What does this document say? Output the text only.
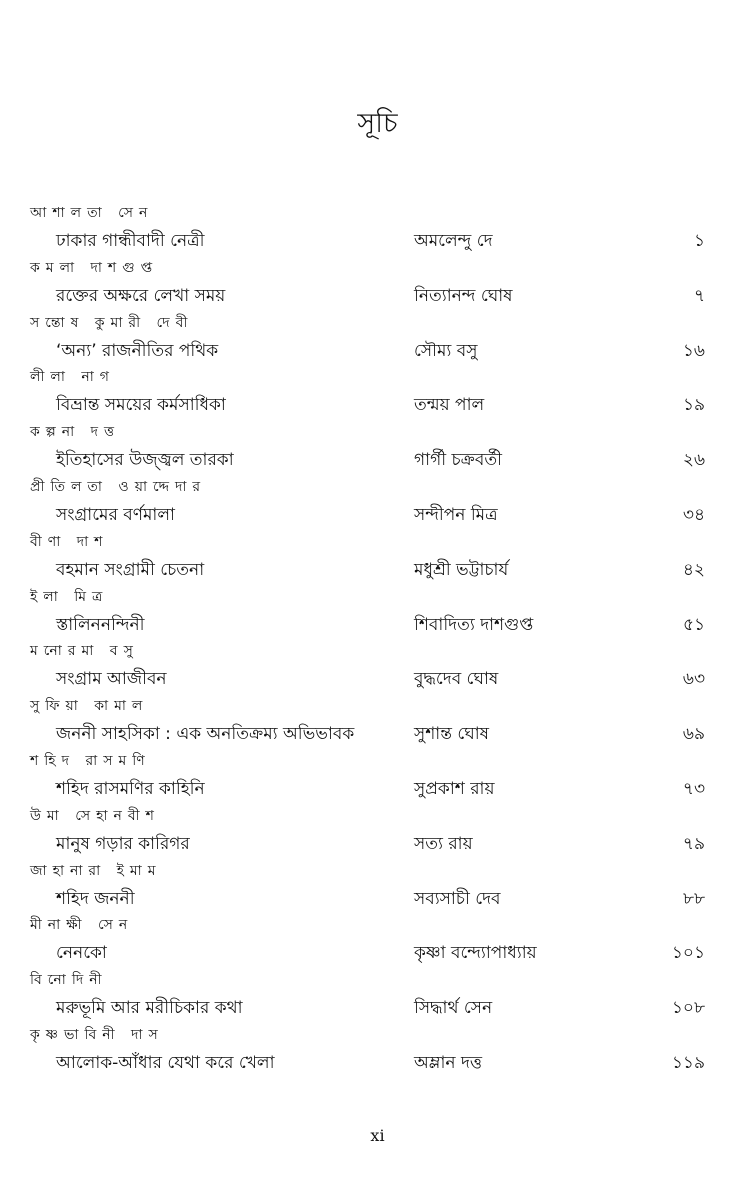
সূচি
আশালতা সেন
ঢাকার গান্ধীবাদী নেত্রী	অমলেন্দু দে	১
কমলা দাশগুপ্ত
রক্তের অক্ষরে লেখা সময়	নিত্যানন্দ ঘোষ	৭
সন্তোষ কুমারী দেবী
‘অন্য’ রাজনীতির পথিক	সৌম্য বসু	১৬
লীলা নাগ
বিভ্রান্ত সময়ের কর্মসাধিকা	তন্ময় পাল	১৯
কল্পনা দত্ত
ইতিহাসের উজ্জ্বল তারকা	গার্গী চক্রবর্তী	২৬
প্রীতিলতা ওয়াদ্দেদার
সংগ্রামের বর্ণমালা	সন্দীপন মিত্র	৩৪
বীণা দাশ
বহমান সংগ্রামী চেতনা	মধুশ্রী ভট্টাচার্য	৪২
ইলা মিত্র
স্তালিননন্দিনী	শিবাদিত্য দাশগুপ্ত	৫১
মনোরমা বসু
সংগ্রাম আজীবন	বুদ্ধদেব ঘোষ	৬৩
সুফিয়া কামাল
জননী সাহসিকা : এক অনতিক্রম্য অভিভাবক	সুশান্ত ঘোষ	৬৯
শহিদ রাসমণি
শহিদ রাসমণির কাহিনি	সুপ্রকাশ রায়	৭৩
উমা সেহানবীশ
মানুষ গড়ার কারিগর	সত্য রায়	৭৯
জাহানারা ইমাম
শহিদ জননী	সব্যসাচী দেব	৮৮
মীনাক্ষী সেন
নেনকো	কৃষ্ণা বন্দ্যোপাধ্যায়	১০১
বিনোদিনী
মরুভূমি আর মরীচিকার কথা	সিদ্ধার্থ সেন	১০৮
কৃষ্ণভাবিনী দাস
আলোক-আঁধার যেথা করে খেলা	অম্লান দত্ত	১১৯
xi
